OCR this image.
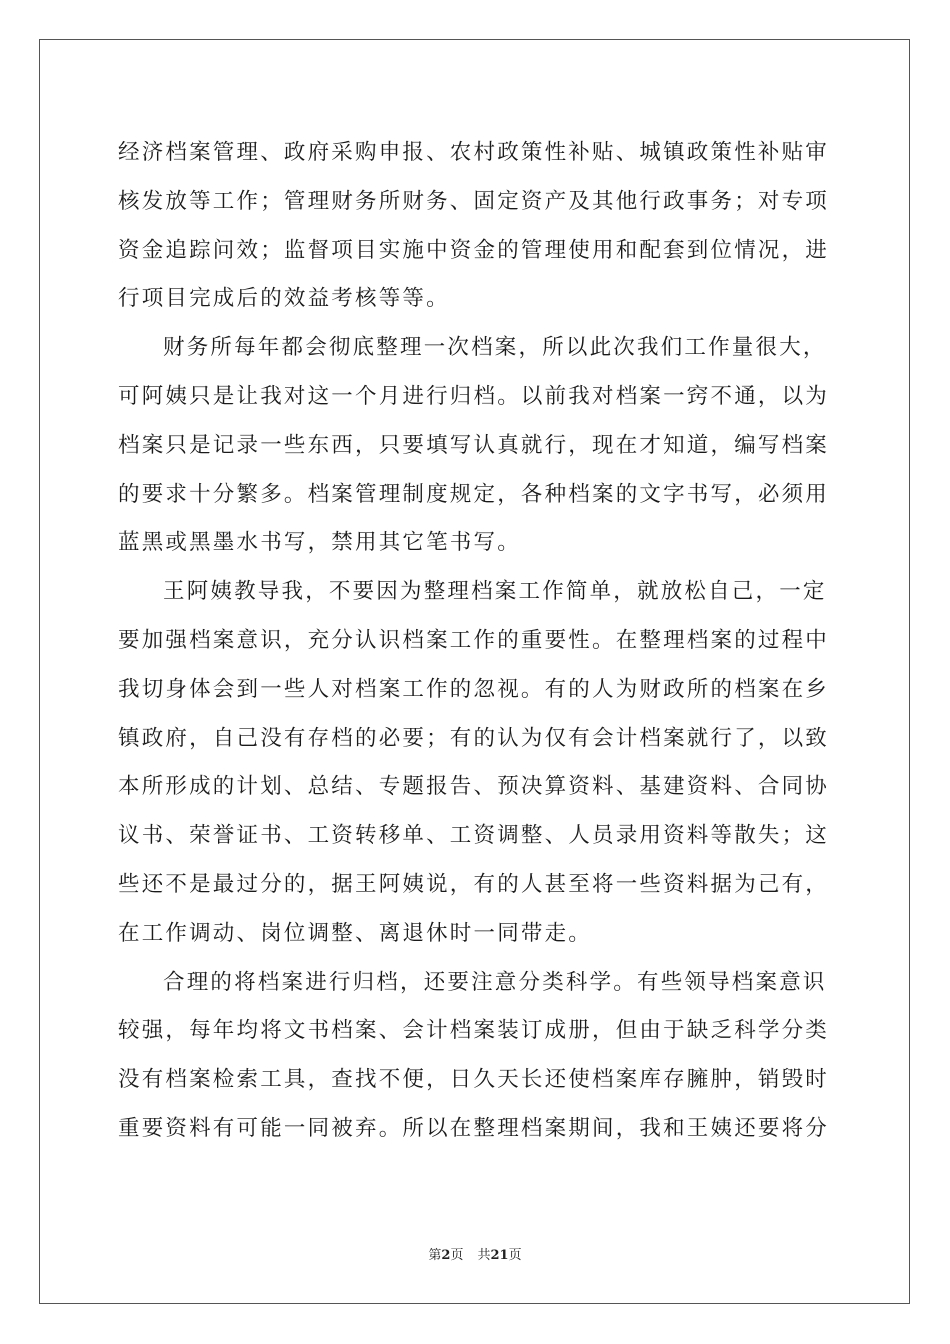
经济档案管理、政府采购申报、农村政策性补贴、城镇政策性补贴审
核发放等工作；管理财务所财务、固定资产及其他行政事务；对专项
资金追踪问效；监督项目实施中资金的管理使用和配套到位情况，进
行项目完成后的效益考核等等。
财务所每年都会彻底整理一次档案，所以此次我们工作量很大，
可阿姨只是让我对这一个月进行归档。以前我对档案一窍不通，以为
档案只是记录一些东西，只要填写认真就行，现在才知道，编写档案
的要求十分繁多。档案管理制度规定，各种档案的文字书写，必须用
蓝黑或黑墨水书写，禁用其它笔书写。
王阿姨教导我，不要因为整理档案工作简单，就放松自己，一定
要加强档案意识，充分认识档案工作的重要性。在整理档案的过程中
我切身体会到一些人对档案工作的忽视。有的人为财政所的档案在乡
镇政府，自己没有存档的必要；有的认为仅有会计档案就行了，以致
本所形成的计划、总结、专题报告、预决算资料、基建资料、合同协
议书、荣誉证书、工资转移单、工资调整、人员录用资料等散失；这
些还不是最过分的，据王阿姨说，有的人甚至将一些资料据为己有，
在工作调动、岗位调整、离退休时一同带走。
合理的将档案进行归档，还要注意分类科学。有些领导档案意识
较强，每年均将文书档案、会计档案装订成册，但由于缺乏科学分类
没有档案检索工具，查找不便，日久天长还使档案库存臃肿，销毁时
重要资料有可能一同被弃。所以在整理档案期间，我和王姨还要将分
第2页 共21页
